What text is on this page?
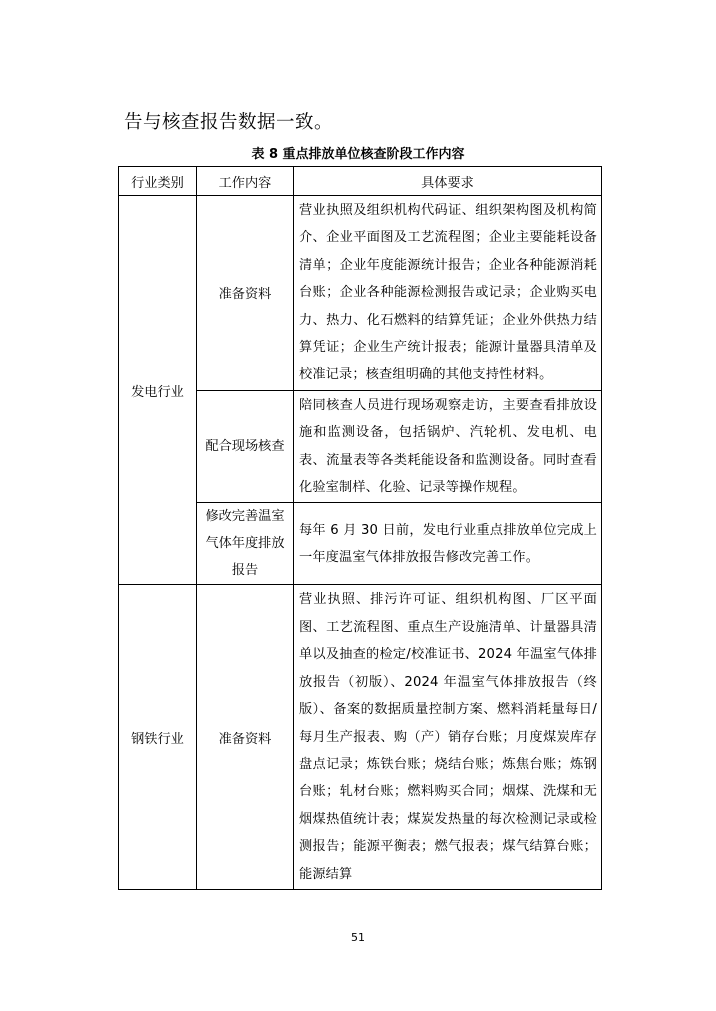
告与核查报告数据一致。
表 8 重点排放单位核查阶段工作内容
行业类别	工作内容	具体要求
发电行业	准备资料	营业执照及组织机构代码证、组织架构图及机构简介、企业平面图及工艺流程图；企业主要能耗设备清单；企业年度能源统计报告；企业各种能源消耗台账；企业各种能源检测报告或记录；企业购买电力、热力、化石燃料的结算凭证；企业外供热力结算凭证；企业生产统计报表；能源计量器具清单及校准记录；核查组明确的其他支持性材料。
	配合现场核查	陪同核查人员进行现场观察走访，主要查看排放设施和监测设备，包括锅炉、汽轮机、发电机、电表、流量表等各类耗能设备和监测设备。同时查看化验室制样、化验、记录等操作规程。
	修改完善温室气体年度排放报告	每年 6 月 30 日前，发电行业重点排放单位完成上一年度温室气体排放报告修改完善工作。
钢铁行业	准备资料	营业执照、排污许可证、组织机构图、厂区平面图、工艺流程图、重点生产设施清单、计量器具清单以及抽查的检定/校准证书、2024 年温室气体排放报告（初版）、2024 年温室气体排放报告（终版）、备案的数据质量控制方案、燃料消耗量每日/每月生产报表、购（产）销存台账；月度煤炭库存盘点记录；炼铁台账；烧结台账；炼焦台账；炼钢台账；轧材台账；燃料购买合同；烟煤、洗煤和无烟煤热值统计表；煤炭发热量的每次检测记录或检测报告；能源平衡表；燃气报表；煤气结算台账；能源结算
51
